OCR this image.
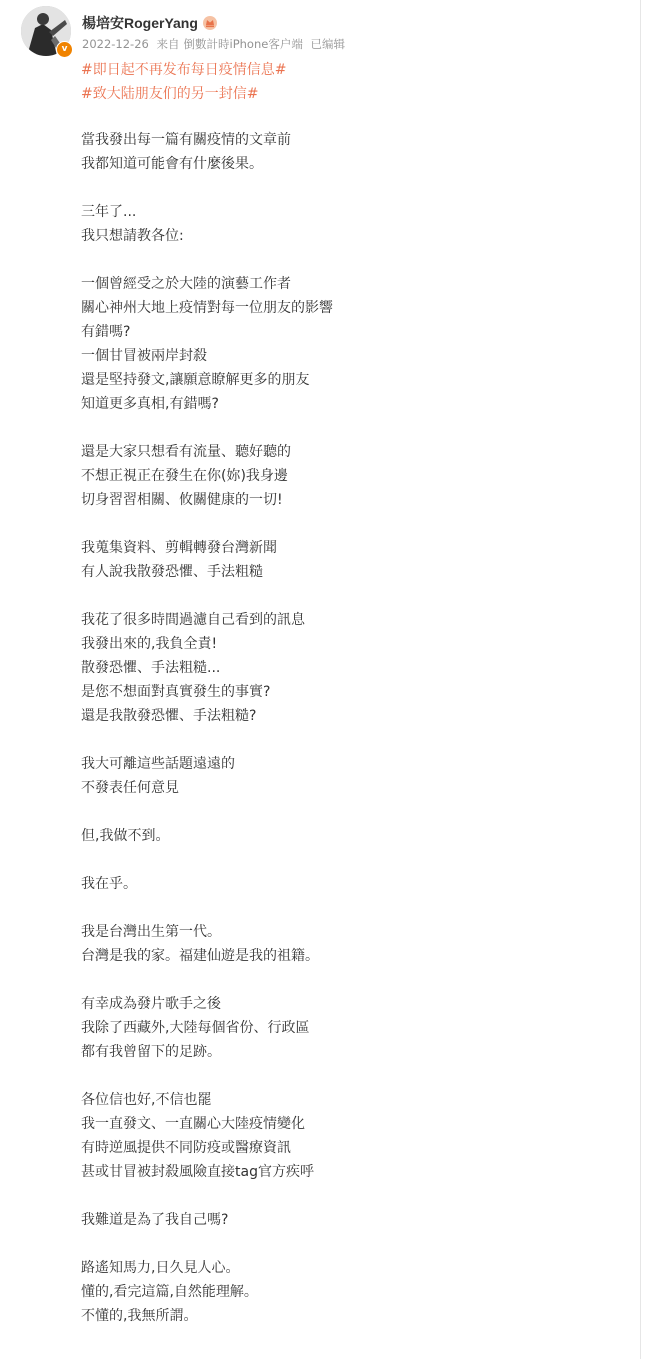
v
楊培安RogerYang
2022-12-26 来自 倒數計時iPhone客户端 已编辑
#即日起不再发布每日疫情信息#
#致大陆朋友们的另一封信#
當我發出每一篇有關疫情的文章前
我都知道可能會有什麼後果。
三年了...
我只想請教各位:
一個曾經受之於大陸的演藝工作者
關心神州大地上疫情對每一位朋友的影響
有錯嗎?
一個甘冒被兩岸封殺
還是堅持發文,讓願意瞭解更多的朋友
知道更多真相,有錯嗎?
還是大家只想看有流量、聽好聽的
不想正視正在發生在你(妳)我身邊
切身習習相關、攸關健康的一切!
我蒐集資料、剪輯轉發台灣新聞
有人說我散發恐懼、手法粗糙
我花了很多時間過濾自己看到的訊息
我發出來的,我負全責!
散發恐懼、手法粗糙...
是您不想面對真實發生的事實?
還是我散發恐懼、手法粗糙?
我大可離這些話題遠遠的
不發表任何意見
但,我做不到。
我在乎。
我是台灣出生第一代。
台灣是我的家。福建仙遊是我的祖籍。
有幸成為發片歌手之後
我除了西藏外,大陸每個省份、行政區
都有我曾留下的足跡。
各位信也好,不信也罷
我一直發文、一直關心大陸疫情變化
有時逆風提供不同防疫或醫療資訊
甚或甘冒被封殺風險直接tag官方疾呼
我難道是為了我自己嗎?
路遙知馬力,日久見人心。
懂的,看完這篇,自然能理解。
不懂的,我無所謂。
